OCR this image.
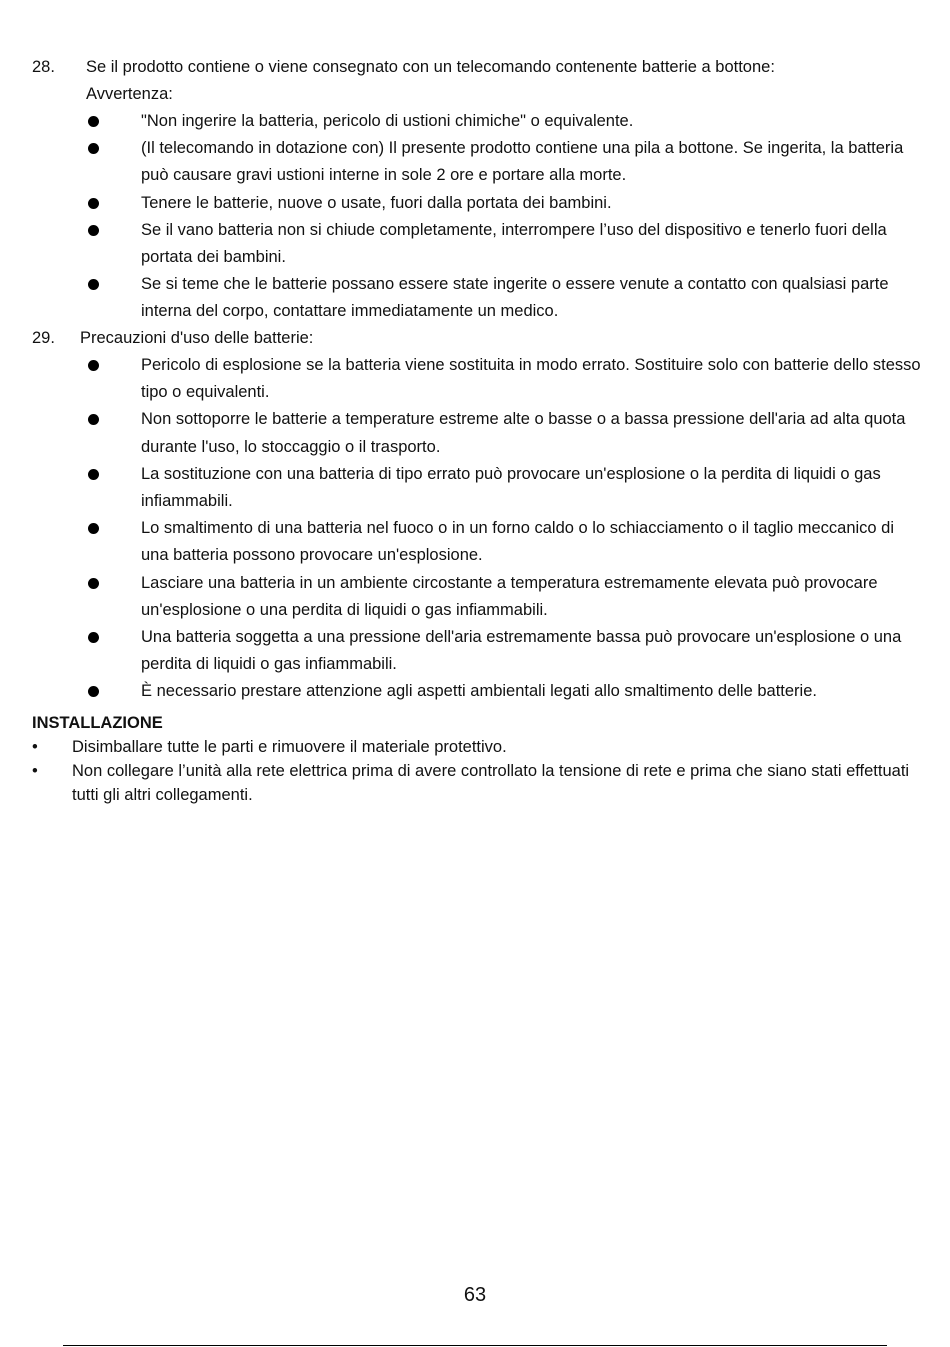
28. Se il prodotto contiene o viene consegnato con un telecomando contenente batterie a bottone:
Avvertenza:
"Non ingerire la batteria, pericolo di ustioni chimiche" o equivalente.
(Il telecomando in dotazione con) Il presente prodotto contiene una pila a bottone. Se ingerita, la batteria può causare gravi ustioni interne in sole 2 ore e portare alla morte.
Tenere le batterie, nuove o usate, fuori dalla portata dei bambini.
Se il vano batteria non si chiude completamente, interrompere l’uso del dispositivo e tenerlo fuori della portata dei bambini.
Se si teme che le batterie possano essere state ingerite o essere venute a contatto con qualsiasi parte interna del corpo, contattare immediatamente un medico.
29. Precauzioni d'uso delle batterie:
Pericolo di esplosione se la batteria viene sostituita in modo errato. Sostituire solo con batterie dello stesso tipo o equivalenti.
Non sottoporre le batterie a temperature estreme alte o basse o a bassa pressione dell'aria ad alta quota durante l'uso, lo stoccaggio o il trasporto.
La sostituzione con una batteria di tipo errato può provocare un'esplosione o la perdita di liquidi o gas infiammabili.
Lo smaltimento di una batteria nel fuoco o in un forno caldo o lo schiacciamento o il taglio meccanico di una batteria possono provocare un'esplosione.
Lasciare una batteria in un ambiente circostante a temperatura estremamente elevata può provocare un'esplosione o una perdita di liquidi o gas infiammabili.
Una batteria soggetta a una pressione dell'aria estremamente bassa può provocare un'esplosione o una perdita di liquidi o gas infiammabili.
È necessario prestare attenzione agli aspetti ambientali legati allo smaltimento delle batterie.
INSTALLAZIONE
• Disimballare tutte le parti e rimuovere il materiale protettivo.
• Non collegare l’unità alla rete elettrica prima di avere controllato la tensione di rete e prima che siano stati effettuati tutti gli altri collegamenti.
63
